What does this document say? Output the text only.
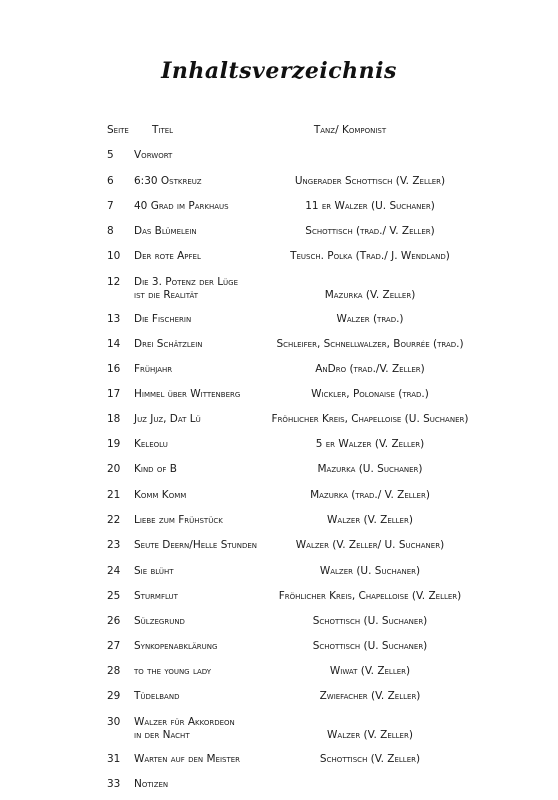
Inhaltsverzeichnis
Seite	Titel	Tanz/ Komponist
5	Vorwort
6	6:30 Ostkreuz	Ungerader Schottisch (V. Zeller)
7	40 Grad im Parkhaus	11 er Walzer (U. Suchaner)
8	Das Blümelein	Schottisch (trad./ V. Zeller)
10	Der rote Apfel	Teusch. Polka (Trad./ J. Wendland)
12	Die 3. Potenz der Lüge
ist die Realität	Mazurka (V. Zeller)
13	Die Fischerin	Walzer (trad.)
14	Drei Schätzlein	Schleifer, Schnellwalzer, Bourrée (trad.)
16	Frühjahr	AnDro (trad./V. Zeller)
17	Himmel über Wittenberg	Wickler, Polonaise (trad.)
18	Juz Juz, Dat Lü	Fröhlicher Kreis, Chapelloise (U. Suchaner)
19	Keleolu	5 er Walzer (V. Zeller)
20	Kind of B	Mazurka (U. Suchaner)
21	Komm Komm	Mazurka (trad./ V. Zeller)
22	Liebe zum Frühstück	Walzer (V. Zeller)
23	Seute Deern/Helle Stunden	Walzer (V. Zeller/ U. Suchaner)
24	Sie blüht	Walzer (U. Suchaner)
25	Sturmflut	Fröhlicher Kreis, Chapelloise (V. Zeller)
26	Sülzegrund	Schottisch (U. Suchaner)
27	Synkopenabklärung	Schottisch (U. Suchaner)
28	to the young lady	Wiwat (V. Zeller)
29	Tüdelband	Zwiefacher (V. Zeller)
30	Walzer für Akkordeon
in der Nacht	Walzer (V. Zeller)
31	Warten auf den Meister	Schottisch (V. Zeller)
33	Notizen
